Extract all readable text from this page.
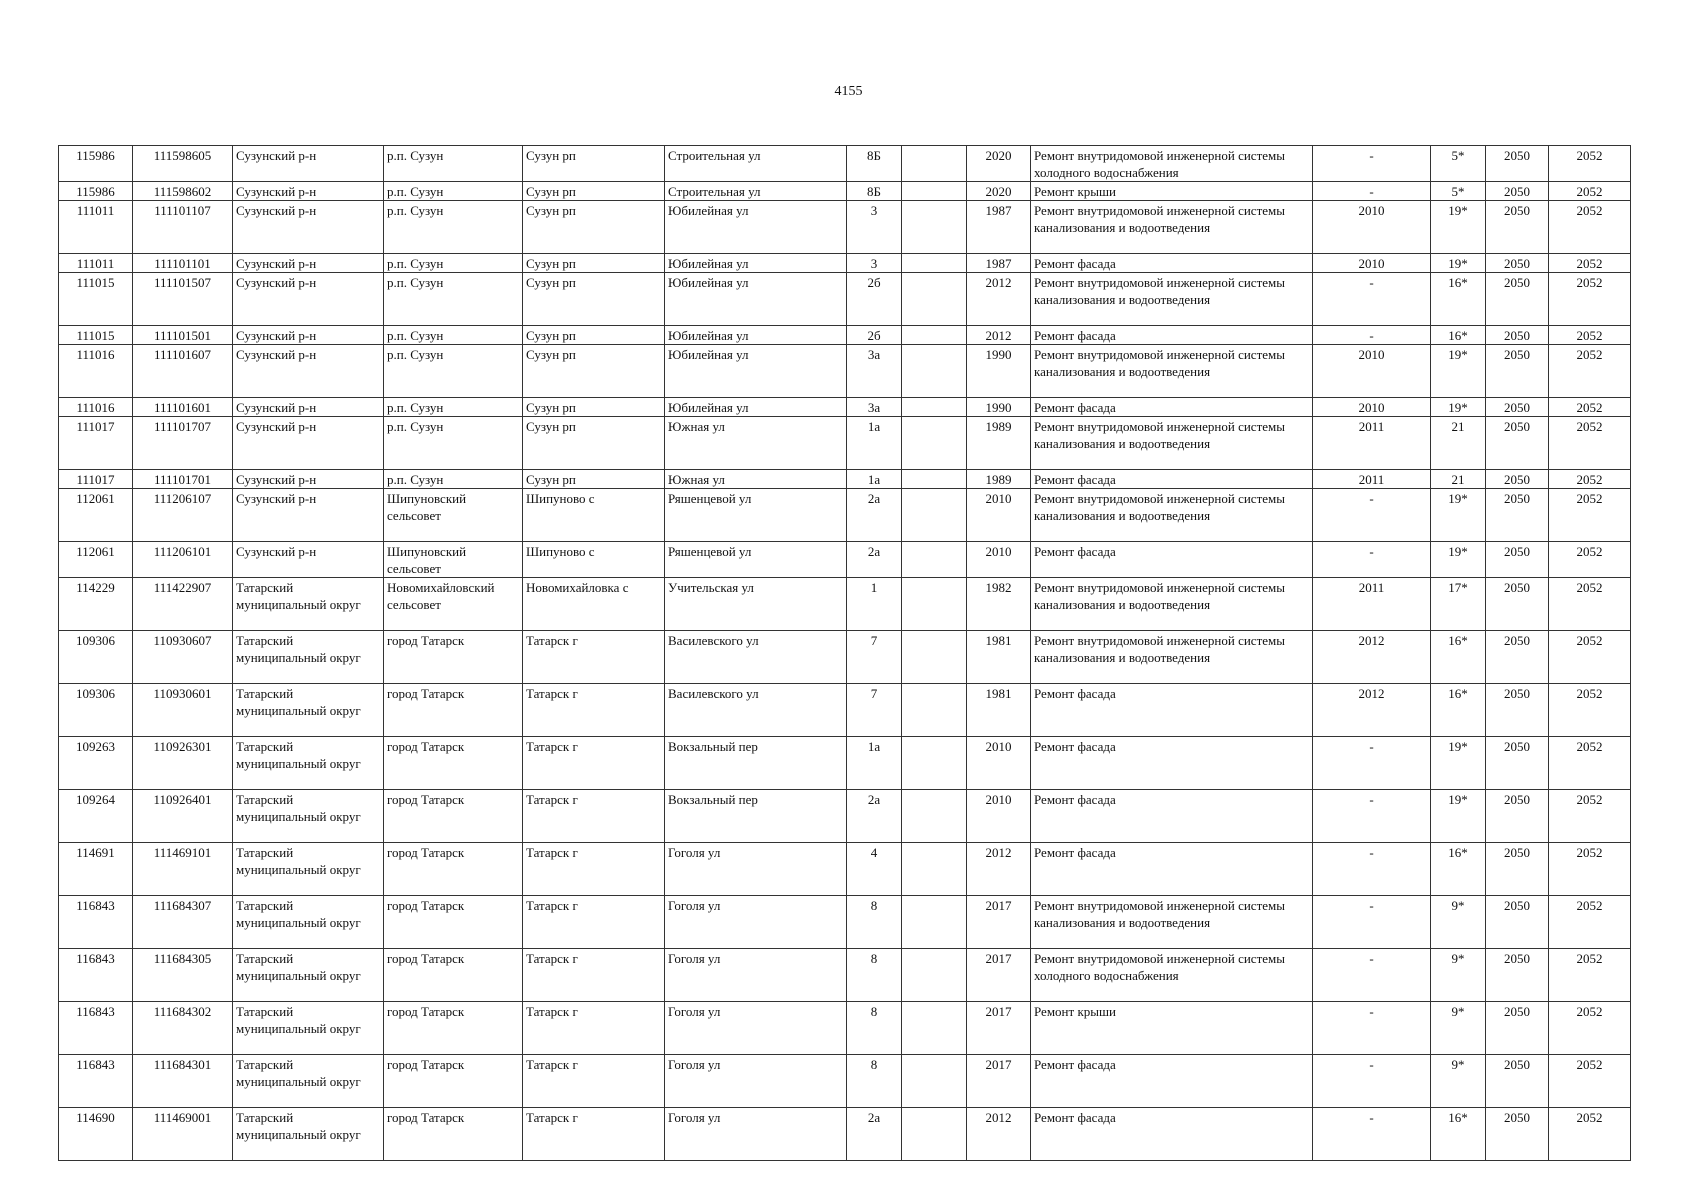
4155
115986	111598605	Сузунский р-н	р.п. Сузун	Сузун рп	Строительная ул	8Б		2020	Ремонт внутридомовой инженерной системы холодного водоснабжения	-	5*	2050	2052
115986	111598602	Сузунский р-н	р.п. Сузун	Сузун рп	Строительная ул	8Б		2020	Ремонт крыши	-	5*	2050	2052
111011	111101107	Сузунский р-н	р.п. Сузун	Сузун рп	Юбилейная ул	3		1987	Ремонт внутридомовой инженерной системы канализования и водоотведения	2010	19*	2050	2052
111011	111101101	Сузунский р-н	р.п. Сузун	Сузун рп	Юбилейная ул	3		1987	Ремонт фасада	2010	19*	2050	2052
111015	111101507	Сузунский р-н	р.п. Сузун	Сузун рп	Юбилейная ул	2б		2012	Ремонт внутридомовой инженерной системы канализования и водоотведения	-	16*	2050	2052
111015	111101501	Сузунский р-н	р.п. Сузун	Сузун рп	Юбилейная ул	2б		2012	Ремонт фасада	-	16*	2050	2052
111016	111101607	Сузунский р-н	р.п. Сузун	Сузун рп	Юбилейная ул	3а		1990	Ремонт внутридомовой инженерной системы канализования и водоотведения	2010	19*	2050	2052
111016	111101601	Сузунский р-н	р.п. Сузун	Сузун рп	Юбилейная ул	3а		1990	Ремонт фасада	2010	19*	2050	2052
111017	111101707	Сузунский р-н	р.п. Сузун	Сузун рп	Южная ул	1а		1989	Ремонт внутридомовой инженерной системы канализования и водоотведения	2011	21	2050	2052
111017	111101701	Сузунский р-н	р.п. Сузун	Сузун рп	Южная ул	1а		1989	Ремонт фасада	2011	21	2050	2052
112061	111206107	Сузунский р-н	Шипуновский сельсовет	Шипуново с	Ряшенцевой ул	2а		2010	Ремонт внутридомовой инженерной системы канализования и водоотведения	-	19*	2050	2052
112061	111206101	Сузунский р-н	Шипуновский сельсовет	Шипуново с	Ряшенцевой ул	2а		2010	Ремонт фасада	-	19*	2050	2052
114229	111422907	Татарский муниципальный округ	Новомихайловский сельсовет	Новомихайловка с	Учительская ул	1		1982	Ремонт внутридомовой инженерной системы канализования и водоотведения	2011	17*	2050	2052
109306	110930607	Татарский муниципальный округ	город Татарск	Татарск г	Василевского ул	7		1981	Ремонт внутридомовой инженерной системы канализования и водоотведения	2012	16*	2050	2052
109306	110930601	Татарский муниципальный округ	город Татарск	Татарск г	Василевского ул	7		1981	Ремонт фасада	2012	16*	2050	2052
109263	110926301	Татарский муниципальный округ	город Татарск	Татарск г	Вокзальный пер	1а		2010	Ремонт фасада	-	19*	2050	2052
109264	110926401	Татарский муниципальный округ	город Татарск	Татарск г	Вокзальный пер	2а		2010	Ремонт фасада	-	19*	2050	2052
114691	111469101	Татарский муниципальный округ	город Татарск	Татарск г	Гоголя ул	4		2012	Ремонт фасада	-	16*	2050	2052
116843	111684307	Татарский муниципальный округ	город Татарск	Татарск г	Гоголя ул	8		2017	Ремонт внутридомовой инженерной системы канализования и водоотведения	-	9*	2050	2052
116843	111684305	Татарский муниципальный округ	город Татарск	Татарск г	Гоголя ул	8		2017	Ремонт внутридомовой инженерной системы холодного водоснабжения	-	9*	2050	2052
116843	111684302	Татарский муниципальный округ	город Татарск	Татарск г	Гоголя ул	8		2017	Ремонт крыши	-	9*	2050	2052
116843	111684301	Татарский муниципальный округ	город Татарск	Татарск г	Гоголя ул	8		2017	Ремонт фасада	-	9*	2050	2052
114690	111469001	Татарский муниципальный округ	город Татарск	Татарск г	Гоголя ул	2а		2012	Ремонт фасада	-	16*	2050	2052
